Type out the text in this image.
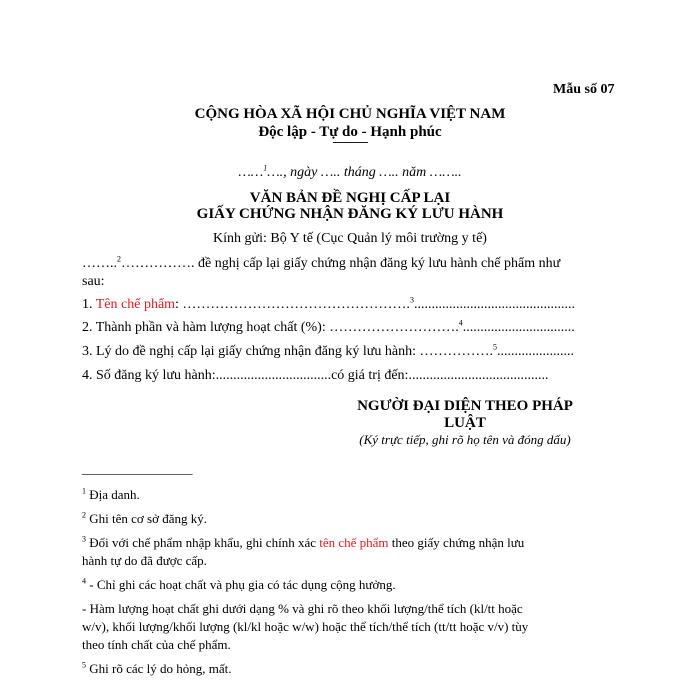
Mẫu số 07
CỘNG HÒA XÃ HỘI CHỦ NGHĨA VIỆT NAM
Độc lập - Tự do - Hạnh phúc
---------------
……$^1$…., ngày ….. tháng ….. năm ……..
VĂN BẢN ĐỀ NGHỊ CẤP LẠI
GIẤY CHỨNG NHẬN ĐĂNG KÝ LƯU HÀNH
Kính gửi: Bộ Y tế (Cục Quản lý môi trường y tế)
……..$^2$……………. đề nghị cấp lại giấy chứng nhận đăng ký lưu hành chế phẩm như
sau:
1. Tên chế phẩm: ………………………………………….$^3$..............................................
2. Thành phần và hàm lượng hoạt chất (%): ……………………….$^4$................................
3. Lý do đề nghị cấp lại giấy chứng nhận đăng ký lưu hành: …………….$^5$......................
4. Số đăng ký lưu hành:.................................có giá trị đến:........................................
NGƯỜI ĐẠI DIỆN THEO PHÁP
LUẬT
(Ký trực tiếp, ghi rõ họ tên và đóng dấu)
_________________
$^1$ Địa danh.
$^2$ Ghi tên cơ sở đăng ký.
$^3$ Đối với chế phẩm nhập khẩu, ghi chính xác tên chế phẩm theo giấy chứng nhận lưu
hành tự do đã được cấp.
$^4$ - Chỉ ghi các hoạt chất và phụ gia có tác dụng cộng hưởng.
- Hàm lượng hoạt chất ghi dưới dạng % và ghi rõ theo khối lượng/thể tích (kl/tt hoặc
w/v), khối lượng/khối lượng (kl/kl hoặc w/w) hoặc thể tích/thể tích (tt/tt hoặc v/v) tùy
theo tính chất của chế phẩm.
$^5$ Ghi rõ các lý do hỏng, mất.
